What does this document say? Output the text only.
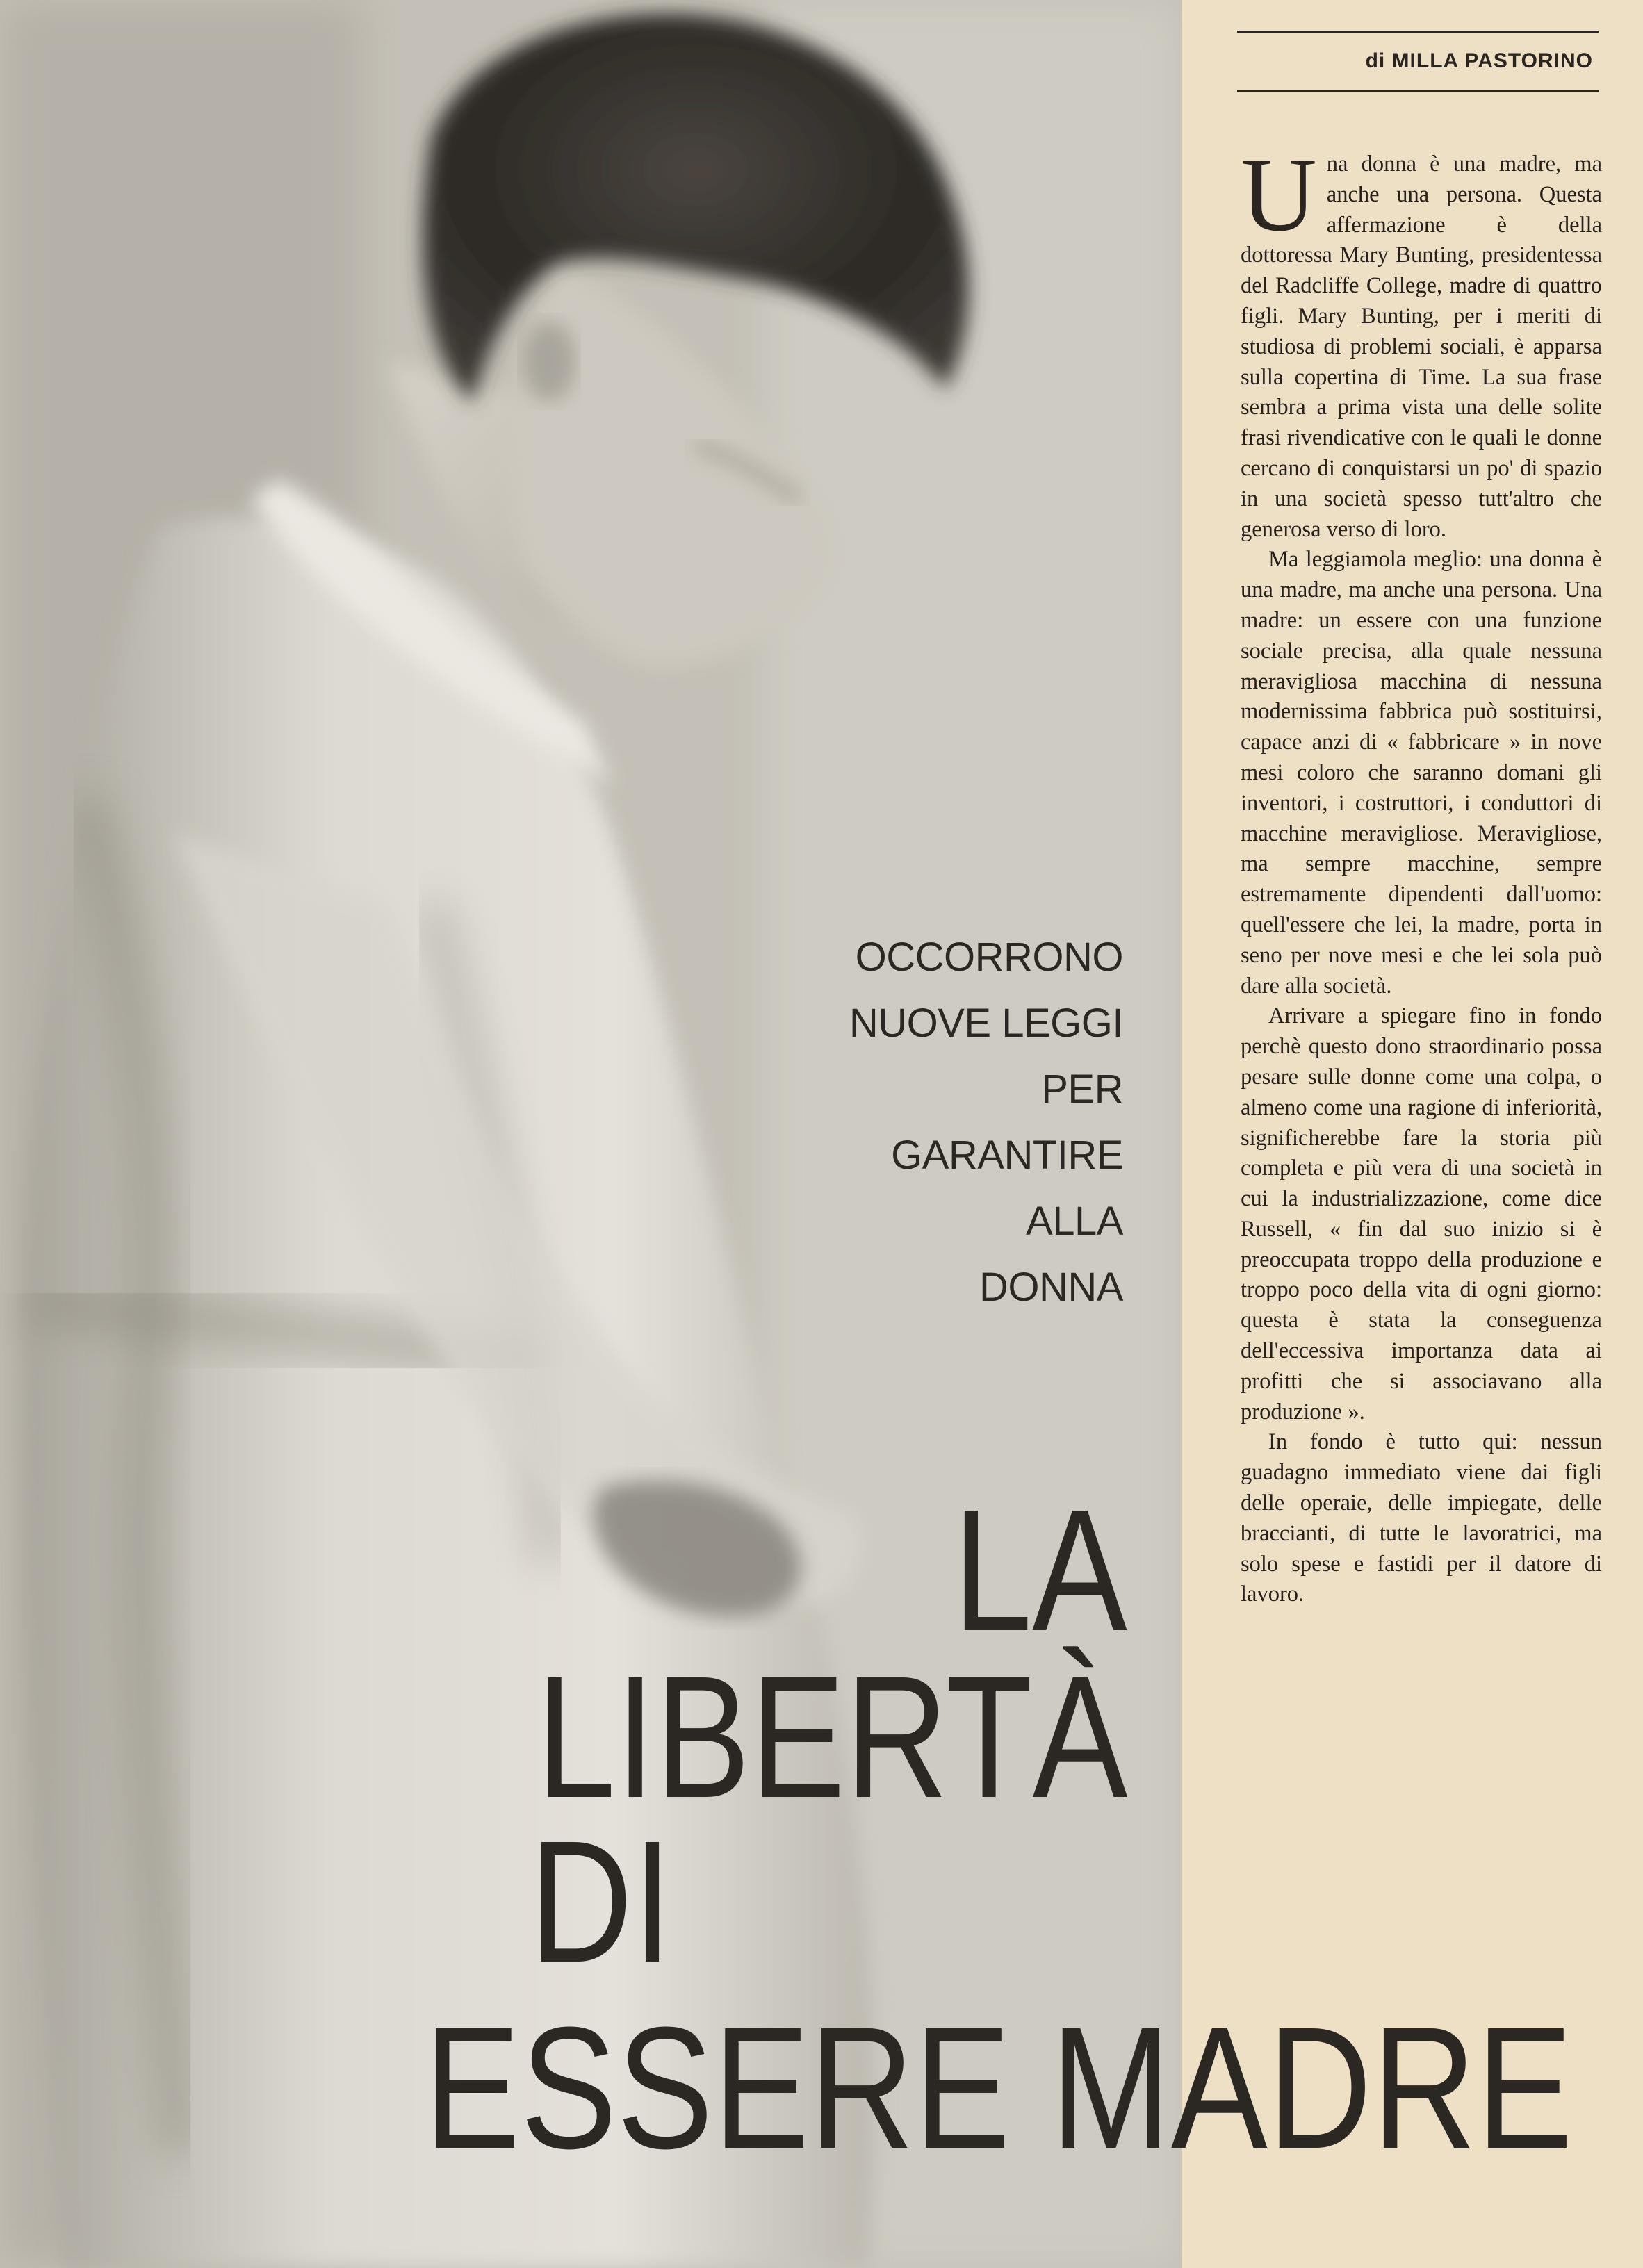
di MILLA PASTORINO
OCCORRONO
NUOVE LEGGI
PER
GARANTIRE
ALLA
DONNA
LA
LIBERTÀ
DI
ESSERE MADRE

Una donna è una madre, ma anche una persona. Questa affermazione è della dottoressa Mary Bunting, presidentessa del Radcliffe College, madre di quattro figli. Mary Bunting, per i meriti di studiosa di problemi sociali, è apparsa sulla copertina di Time. La sua frase sembra a prima vista una delle solite frasi rivendicative con le quali le donne cercano di conquistarsi un po' di spazio in una società spesso tutt'altro che generosa verso di loro.

Ma leggiamola meglio: una donna è una madre, ma anche una persona. Una madre: un essere con una funzione sociale precisa, alla quale nessuna meravigliosa macchina di nessuna modernissima fabbrica può sostituirsi, capace anzi di « fabbricare » in nove mesi coloro che saranno domani gli inventori, i costruttori, i conduttori di macchine meravigliose. Meravigliose, ma sempre macchine, sempre estremamente dipendenti dall'uomo: quell'essere che lei, la madre, porta in seno per nove mesi e che lei sola può dare alla società.

Arrivare a spiegare fino in fondo perchè questo dono straordinario possa pesare sulle donne come una colpa, o almeno come una ragione di inferiorità, significherebbe fare la storia più completa e più vera di una società in cui la industrializzazione, come dice Russell, « fin dal suo inizio si è preoccupata troppo della produzione e troppo poco della vita di ogni giorno: questa è stata la conseguenza dell'eccessiva importanza data ai profitti che si associavano alla produzione ».

In fondo è tutto qui: nessun guadagno immediato viene dai figli delle operaie, delle impiegate, delle braccianti, di tutte le lavoratrici, ma solo spese e fastidi per il datore di lavoro.
